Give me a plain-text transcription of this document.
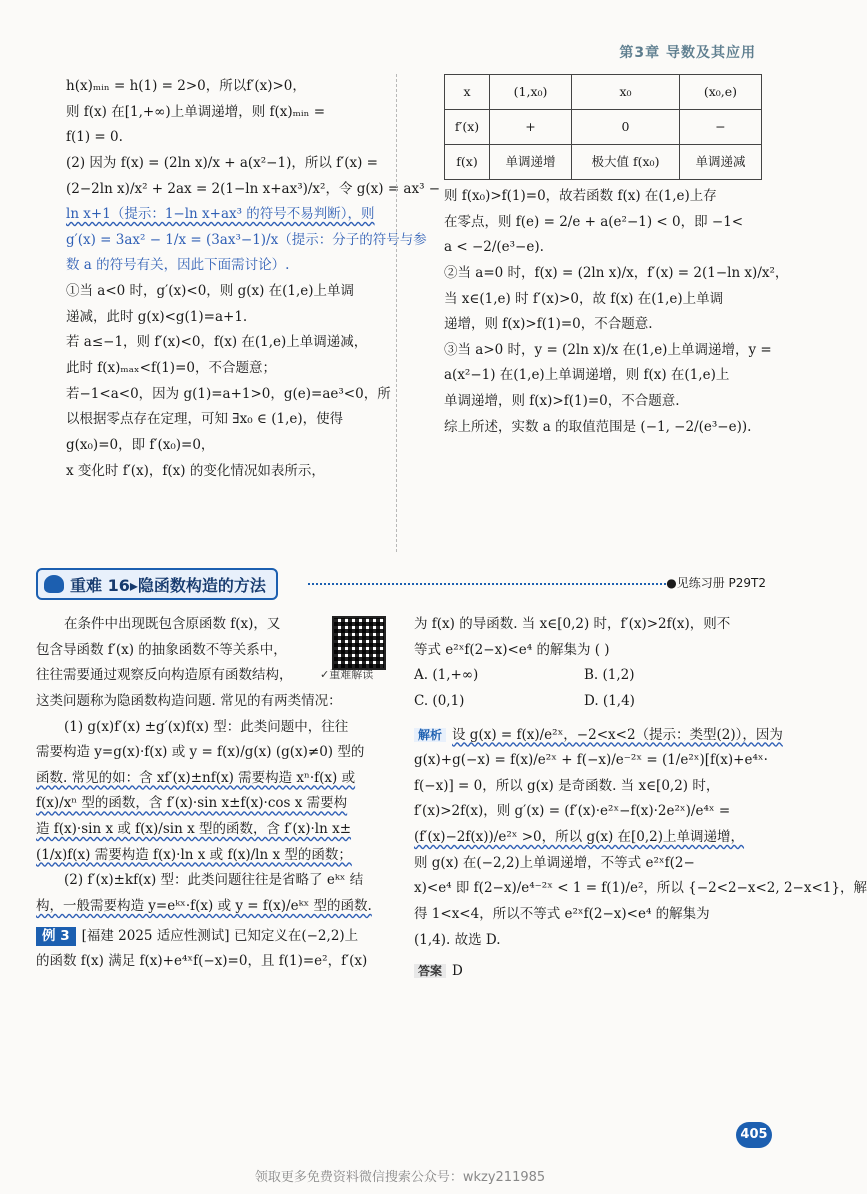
第3章 导数及其应用

h(x)ₘᵢₙ = h(1) = 2>0，所以f′(x)>0，

则 f(x) 在[1,+∞)上单调递增，则 f(x)ₘᵢₙ =

f(1) = 0.

(2) 因为 f(x) = (2ln x)/x + a(x²−1)，所以 f′(x) =

(2−2ln x)/x² + 2ax = 2(1−ln x+ax³)/x²，令 g(x) = ax³ −

ln x+1（提示：1−ln x+ax³ 的符号不易判断），则

g′(x) = 3ax² − 1/x = (3ax³−1)/x（提示：分子的符号与参

数 a 的符号有关，因此下面需讨论）.

①当 a<0 时，g′(x)<0，则 g(x) 在(1,e)上单调

递减，此时 g(x)<g(1)=a+1.

若 a≤−1，则 f′(x)<0，f(x) 在(1,e)上单调递减，

此时 f(x)ₘₐₓ<f(1)=0，不合题意；

若−1<a<0，因为 g(1)=a+1>0，g(e)=ae³<0，所

以根据零点存在定理，可知 ∃x₀ ∈ (1,e)，使得

g(x₀)=0，即 f′(x₀)=0，

x 变化时 f′(x)，f(x) 的变化情况如表所示，

x	(1,x₀)	x₀	(x₀,e)
f′(x)	+	0	−
f(x)	单调递增	极大值 f(x₀)	单调递减

则 f(x₀)>f(1)=0，故若函数 f(x) 在(1,e)上存

在零点，则 f(e) = 2/e + a(e²−1) < 0，即 −1<

a < −2/(e³−e).

②当 a=0 时，f(x) = (2ln x)/x，f′(x) = 2(1−ln x)/x²，

当 x∈(1,e) 时 f′(x)>0，故 f(x) 在(1,e)上单调

递增，则 f(x)>f(1)=0，不合题意.

③当 a>0 时，y = (2ln x)/x 在(1,e)上单调递增，y =

a(x²−1) 在(1,e)上单调递增，则 f(x) 在(1,e)上

单调递增，则 f(x)>f(1)=0，不合题意.

综上所述，实数 a 的取值范围是 (−1, −2/(e³−e)).

重难 16▸隐函数构造的方法	●见练习册 P29T2
✓重难解读

在条件中出现既包含原函数 f(x)，又

包含导函数 f′(x) 的抽象函数不等关系中，

往往需要通过观察反向构造原有函数结构，

这类问题称为隐函数构造问题. 常见的有两类情况：

(1) g(x)f′(x) ±g′(x)f(x) 型：此类问题中，往往

需要构造 y=g(x)·f(x) 或 y = f(x)/g(x) (g(x)≠0) 型的

函数. 常见的如：含 xf′(x)±nf(x) 需要构造 xⁿ·f(x) 或

f(x)/xⁿ 型的函数，含 f′(x)·sin x±f(x)·cos x 需要构

造 f(x)·sin x 或 f(x)/sin x 型的函数，含 f′(x)·ln x±

(1/x)f(x) 需要构造 f(x)·ln x 或 f(x)/ln x 型的函数；

(2) f′(x)±kf(x) 型：此类问题往往是省略了 eᵏˣ 结

构，一般需要构造 y=eᵏˣ·f(x) 或 y = f(x)/eᵏˣ 型的函数.

例 3 [福建 2025 适应性测试] 已知定义在(−2,2)上

的函数 f(x) 满足 f(x)+e⁴ˣf(−x)=0，且 f(1)=e²，f′(x)

为 f(x) 的导函数. 当 x∈[0,2) 时，f′(x)>2f(x)，则不

等式 e²ˣf(2−x)<e⁴ 的解集为 ( )

A. (1,+∞)	B. (1,2)
C. (0,1)	D. (1,4)

解析 设 g(x) = f(x)/e²ˣ，−2<x<2（提示：类型(2)），因为

g(x)+g(−x) = f(x)/e²ˣ + f(−x)/e⁻²ˣ = (1/e²ˣ)[f(x)+e⁴ˣ·

f(−x)] = 0，所以 g(x) 是奇函数. 当 x∈[0,2) 时，

f′(x)>2f(x)，则 g′(x) = (f′(x)·e²ˣ−f(x)·2e²ˣ)/e⁴ˣ =

(f′(x)−2f(x))/e²ˣ >0，所以 g(x) 在[0,2)上单调递增，

则 g(x) 在(−2,2)上单调递增，不等式 e²ˣf(2−

x)<e⁴ 即 f(2−x)/e⁴⁻²ˣ < 1 = f(1)/e²，所以 {−2<2−x<2, 2−x<1}，解

得 1<x<4，所以不等式 e²ˣf(2−x)<e⁴ 的解集为

(1,4). 故选 D.

答案 D

405
领取更多免费资料微信搜索公众号：wkzy211985
